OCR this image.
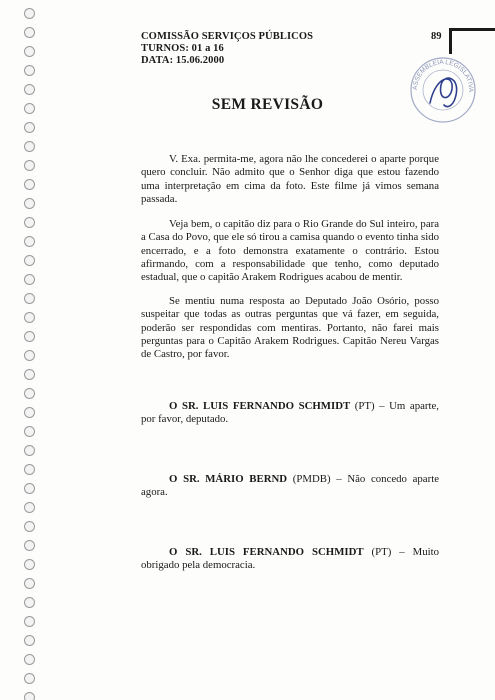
COMISSÃO SERVIÇOS PÚBLICOS
TURNOS: 01 a 16
DATA: 15.06.2000
89
ASSEMBLEIA LEGISLATIVA
SEM REVISÃO

V. Exa. permita-me, agora não lhe concederei o aparte porque quero concluir. Não admito que o Senhor diga que estou fazendo uma interpretação em cima da foto. Este filme já vimos semana passada.

Veja bem, o capitão diz para o Rio Grande do Sul inteiro, para a Casa do Povo, que ele só tirou a camisa quando o evento tinha sido encerrado, e a foto demonstra exatamente o contrário. Estou afirmando, com a responsabilidade que tenho, como deputado estadual, que o capitão Arakem Rodrigues acabou de mentir.

Se mentiu numa resposta ao Deputado João Osório, posso suspeitar que todas as outras perguntas que vá fazer, em seguida, poderão ser respondidas com mentiras. Portanto, não farei mais perguntas para o Capitão Arakem Rodrigues. Capitão Nereu Vargas de Castro, por favor.

O SR. LUIS FERNANDO SCHMIDT (PT) – Um aparte, por favor, deputado.

O SR. MÁRIO BERND (PMDB) – Não concedo aparte agora.

O SR. LUIS FERNANDO SCHMIDT (PT) – Muito obrigado pela democracia.
